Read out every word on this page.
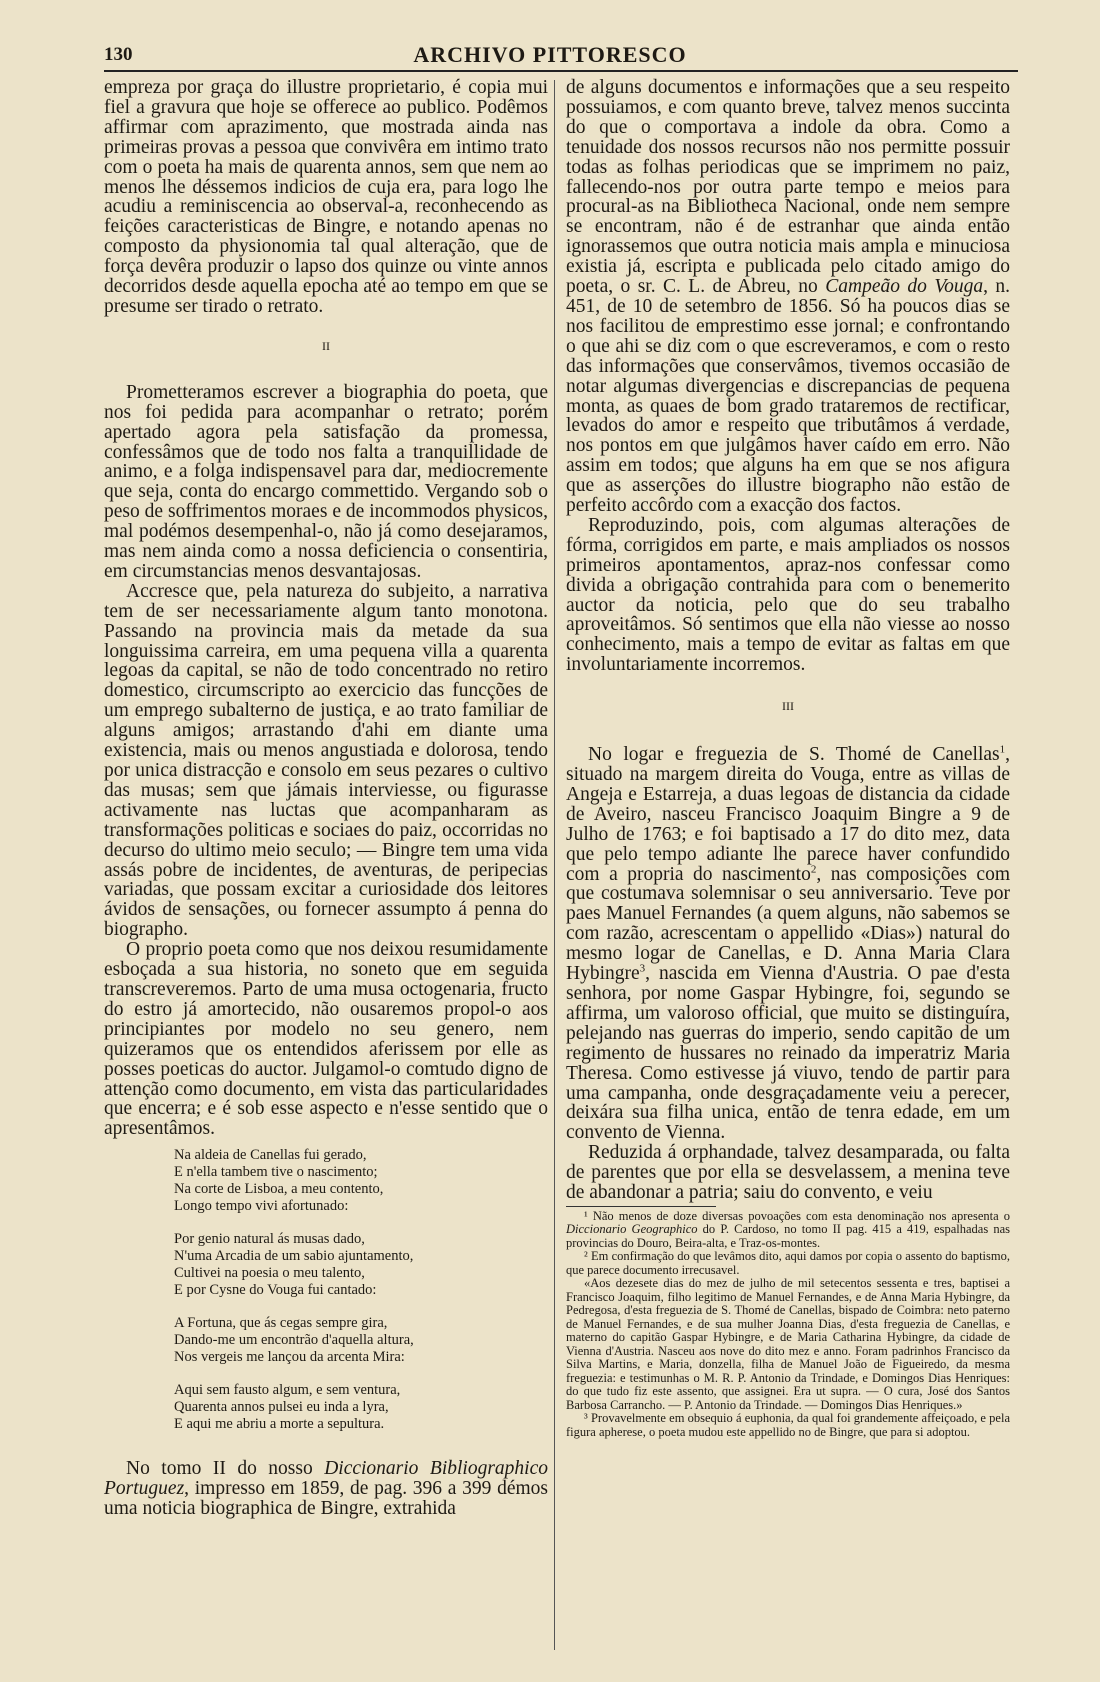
130	ARCHIVO PITTORESCO

empreza por graça do illustre proprietario, é copia mui fiel a gravura que hoje se offerece ao publico. Podêmos affirmar com aprazimento, que mostrada ainda nas primeiras provas a pessoa que convivêra em intimo trato com o poeta ha mais de quarenta annos, sem que nem ao menos lhe déssemos indicios de cuja era, para logo lhe acudiu a reminiscencia ao observal-a, reconhecendo as feições caracteristicas de Bingre, e notando apenas no composto da physionomia tal qual alteração, que de força devêra produzir o lapso dos quinze ou vinte annos decorridos desde aquella epocha até ao tempo em que se presume ser tirado o retrato.

II

Prometteramos escrever a biographia do poeta, que nos foi pedida para acompanhar o retrato; porém apertado agora pela satisfação da promessa, confessâmos que de todo nos falta a tranquillidade de animo, e a folga indispensavel para dar, mediocremente que seja, conta do encargo commettido. Vergando sob o peso de soffrimentos moraes e de incommodos physicos, mal podémos desempenhal-o, não já como desejaramos, mas nem ainda como a nossa deficiencia o consentiria, em circumstancias menos desvantajosas.

Accresce que, pela natureza do subjeito, a narrativa tem de ser necessariamente algum tanto monotona. Passando na provincia mais da metade da sua longuissima carreira, em uma pequena villa a quarenta legoas da capital, se não de todo concentrado no retiro domestico, circumscripto ao exercicio das funcções de um emprego subalterno de justiça, e ao trato familiar de alguns amigos; arrastando d'ahi em diante uma existencia, mais ou menos angustiada e dolorosa, tendo por unica distracção e consolo em seus pezares o cultivo das musas; sem que jámais interviesse, ou figurasse activamente nas luctas que acompanharam as transformações politicas e sociaes do paiz, occorridas no decurso do ultimo meio seculo; — Bingre tem uma vida assás pobre de incidentes, de aventuras, de peripecias variadas, que possam excitar a curiosidade dos leitores ávidos de sensações, ou fornecer assumpto á penna do biographo.

O proprio poeta como que nos deixou resumidamente esboçada a sua historia, no soneto que em seguida transcreveremos. Parto de uma musa octogenaria, fructo do estro já amortecido, não ousaremos propol-o aos principiantes por modelo no seu genero, nem quizeramos que os entendidos aferissem por elle as posses poeticas do auctor. Julgamol-o comtudo digno de attenção como documento, em vista das particularidades que encerra; e é sob esse aspecto e n'esse sentido que o apresentâmos.

Na aldeia de Canellas fui gerado,
E n'ella tambem tive o nascimento;
Na corte de Lisboa, a meu contento,
Longo tempo vivi afortunado:
Por genio natural ás musas dado,
N'uma Arcadia de um sabio ajuntamento,
Cultivei na poesia o meu talento,
E por Cysne do Vouga fui cantado:
A Fortuna, que ás cegas sempre gira,
Dando-me um encontrão d'aquella altura,
Nos vergeis me lançou da arcenta Mira:
Aqui sem fausto algum, e sem ventura,
Quarenta annos pulsei eu inda a lyra,
E aqui me abriu a morte a sepultura.

No tomo II do nosso Diccionario Bibliographico Portuguez, impresso em 1859, de pag. 396 a 399 démos uma noticia biographica de Bingre, extrahida

de alguns documentos e informações que a seu respeito possuiamos, e com quanto breve, talvez menos succinta do que o comportava a indole da obra. Como a tenuidade dos nossos recursos não nos permitte possuir todas as folhas periodicas que se imprimem no paiz, fallecendo-nos por outra parte tempo e meios para procural-as na Bibliotheca Nacional, onde nem sempre se encontram, não é de estranhar que ainda então ignorassemos que outra noticia mais ampla e minuciosa existia já, escripta e publicada pelo citado amigo do poeta, o sr. C. L. de Abreu, no Campeão do Vouga, n. 451, de 10 de setembro de 1856. Só ha poucos dias se nos facilitou de emprestimo esse jornal; e confrontando o que ahi se diz com o que escreveramos, e com o resto das informações que conservâmos, tivemos occasião de notar algumas divergencias e discrepancias de pequena monta, as quaes de bom grado trataremos de rectificar, levados do amor e respeito que tributâmos á verdade, nos pontos em que julgâmos haver caído em erro. Não assim em todos; que alguns ha em que se nos afigura que as asserções do illustre biographo não estão de perfeito accôrdo com a exacção dos factos.

Reproduzindo, pois, com algumas alterações de fórma, corrigidos em parte, e mais ampliados os nossos primeiros apontamentos, apraz-nos confessar como divida a obrigação contrahida para com o benemerito auctor da noticia, pelo que do seu trabalho aproveitâmos. Só sentimos que ella não viesse ao nosso conhecimento, mais a tempo de evitar as faltas em que involuntariamente incorremos.

III

No logar e freguezia de S. Thomé de Canellas$^1$, situado na margem direita do Vouga, entre as villas de Angeja e Estarreja, a duas legoas de distancia da cidade de Aveiro, nasceu Francisco Joaquim Bingre a 9 de Julho de 1763; e foi baptisado a 17 do dito mez, data que pelo tempo adiante lhe parece haver confundido com a propria do nascimento$^2$, nas composições com que costumava solemnisar o seu anniversario. Teve por paes Manuel Fernandes (a quem alguns, não sabemos se com razão, acrescentam o appellido «Dias») natural do mesmo logar de Canellas, e D. Anna Maria Clara Hybingre$^3$, nascida em Vienna d'Austria. O pae d'esta senhora, por nome Gaspar Hybingre, foi, segundo se affirma, um valoroso official, que muito se distinguíra, pelejando nas guerras do imperio, sendo capitão de um regimento de hussares no reinado da imperatriz Maria Theresa. Como estivesse já viuvo, tendo de partir para uma campanha, onde desgraçadamente veiu a perecer, deixára sua filha unica, então de tenra edade, em um convento de Vienna.

Reduzida á orphandade, talvez desamparada, ou falta de parentes que por ella se desvelassem, a menina teve de abandonar a patria; saiu do convento, e veiu

¹ Não menos de doze diversas povoações com esta denominação nos apresenta o Diccionario Geographico do P. Cardoso, no tomo II pag. 415 a 419, espalhadas nas provincias do Douro, Beira-alta, e Traz-os-montes.

² Em confirmação do que levâmos dito, aqui damos por copia o assento do baptismo, que parece documento irrecusavel.

«Aos dezesete dias do mez de julho de mil setecentos sessenta e tres, baptisei a Francisco Joaquim, filho legitimo de Manuel Fernandes, e de Anna Maria Hybingre, da Pedregosa, d'esta freguezia de S. Thomé de Canellas, bispado de Coimbra: neto paterno de Manuel Fernandes, e de sua mulher Joanna Dias, d'esta freguezia de Canellas, e materno do capitão Gaspar Hybingre, e de Maria Catharina Hybingre, da cidade de Vienna d'Austria. Nasceu aos nove do dito mez e anno. Foram padrinhos Francisco da Silva Martins, e Maria, donzella, filha de Manuel João de Figueiredo, da mesma freguezia: e testimunhas o M. R. P. Antonio da Trindade, e Domingos Dias Henriques: do que tudo fiz este assento, que assignei. Era ut supra. — O cura, José dos Santos Barbosa Carrancho. — P. Antonio da Trindade. — Domingos Dias Henriques.»

³ Provavelmente em obsequio á euphonia, da qual foi grandemente affeiçoado, e pela figura apherese, o poeta mudou este appellido no de Bingre, que para si adoptou.
